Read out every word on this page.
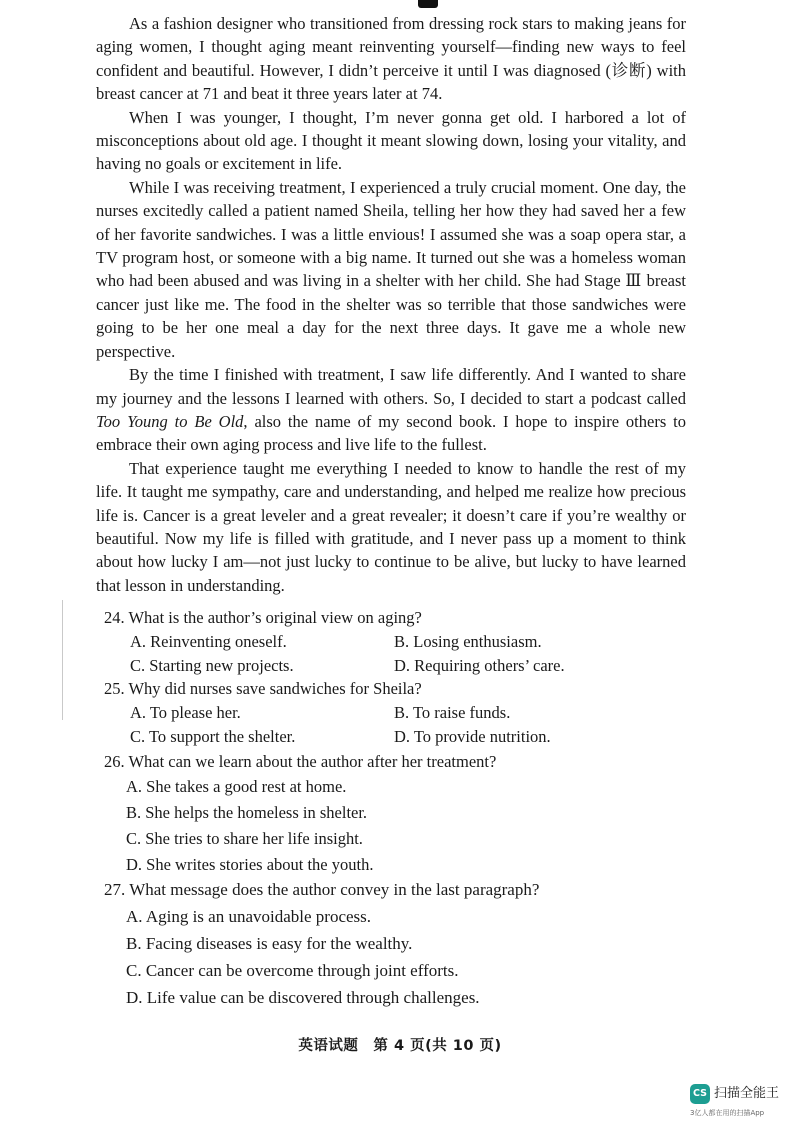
As a fashion designer who transitioned from dressing rock stars to making jeans for aging women, I thought aging meant reinventing yourself—finding new ways to feel confident and beautiful. However, I didn’t perceive it until I was diagnosed (诊断) with breast cancer at 71 and beat it three years later at 74.

When I was younger, I thought, I’m never gonna get old. I harbored a lot of misconceptions about old age. I thought it meant slowing down, losing your vitality, and having no goals or excitement in life.

While I was receiving treatment, I experienced a truly crucial moment. One day, the nurses excitedly called a patient named Sheila, telling her how they had saved her a few of her favorite sandwiches. I was a little envious! I assumed she was a soap opera star, a TV program host, or someone with a big name. It turned out she was a homeless woman who had been abused and was living in a shelter with her child. She had Stage Ⅲ breast cancer just like me. The food in the shelter was so terrible that those sandwiches were going to be her one meal a day for the next three days. It gave me a whole new perspective.

By the time I finished with treatment, I saw life differently. And I wanted to share my journey and the lessons I learned with others. So, I decided to start a podcast called Too Young to Be Old, also the name of my second book. I hope to inspire others to embrace their own aging process and live life to the fullest.

That experience taught me everything I needed to know to handle the rest of my life. It taught me sympathy, care and understanding, and helped me realize how precious life is. Cancer is a great leveler and a great revealer; it doesn’t care if you’re wealthy or beautiful. Now my life is filled with gratitude, and I never pass up a moment to think about how lucky I am—not just lucky to continue to be alive, but lucky to have learned that lesson in understanding.

24. What is the author’s original view on aging?
A. Reinventing oneself.	B. Losing enthusiasm.
C. Starting new projects.	D. Requiring others’ care.
25. Why did nurses save sandwiches for Sheila?
A. To please her.	B. To raise funds.
C. To support the shelter.	D. To provide nutrition.
26. What can we learn about the author after her treatment?
A. She takes a good rest at home.
B. She helps the homeless in shelter.
C. She tries to share her life insight.
D. She writes stories about the youth.
27. What message does the author convey in the last paragraph?
A. Aging is an unavoidable process.
B. Facing diseases is easy for the wealthy.
C. Cancer can be overcome through joint efforts.
D. Life value can be discovered through challenges.
英语试题　第 4 页(共 10 页)
CS 扫描全能王
3亿人都在用的扫描App
